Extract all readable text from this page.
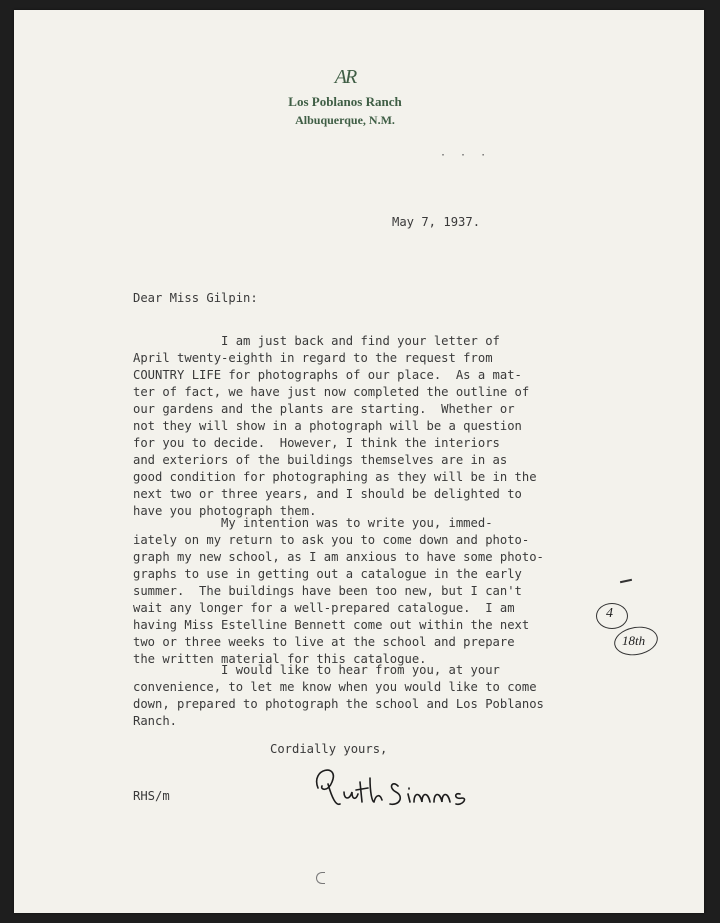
AR
Los Poblanos Ranch
Albuquerque, N.M.
· · ·
May 7, 1937.
Dear Miss Gilpin:
I am just back and find your letter of
April twenty-eighth in regard to the request from
COUNTRY LIFE for photographs of our place.  As a mat-
ter of fact, we have just now completed the outline of
our gardens and the plants are starting.  Whether or
not they will show in a photograph will be a question
for you to decide.  However, I think the interiors
and exteriors of the buildings themselves are in as
good condition for photographing as they will be in the
next two or three years, and I should be delighted to
have you photograph them.
My intention was to write you, immed-
iately on my return to ask you to come down and photo-
graph my new school, as I am anxious to have some photo-
graphs to use in getting out a catalogue in the early
summer.  The buildings have been too new, but I can't
wait any longer for a well-prepared catalogue.  I am
having Miss Estelline Bennett come out within the next
two or three weeks to live at the school and prepare
the written material for this catalogue.
I would like to hear from you, at your
convenience, to let me know when you would like to come
down, prepared to photograph the school and Los Poblanos
Ranch.
Cordially yours,
RHS/m
4
18th
